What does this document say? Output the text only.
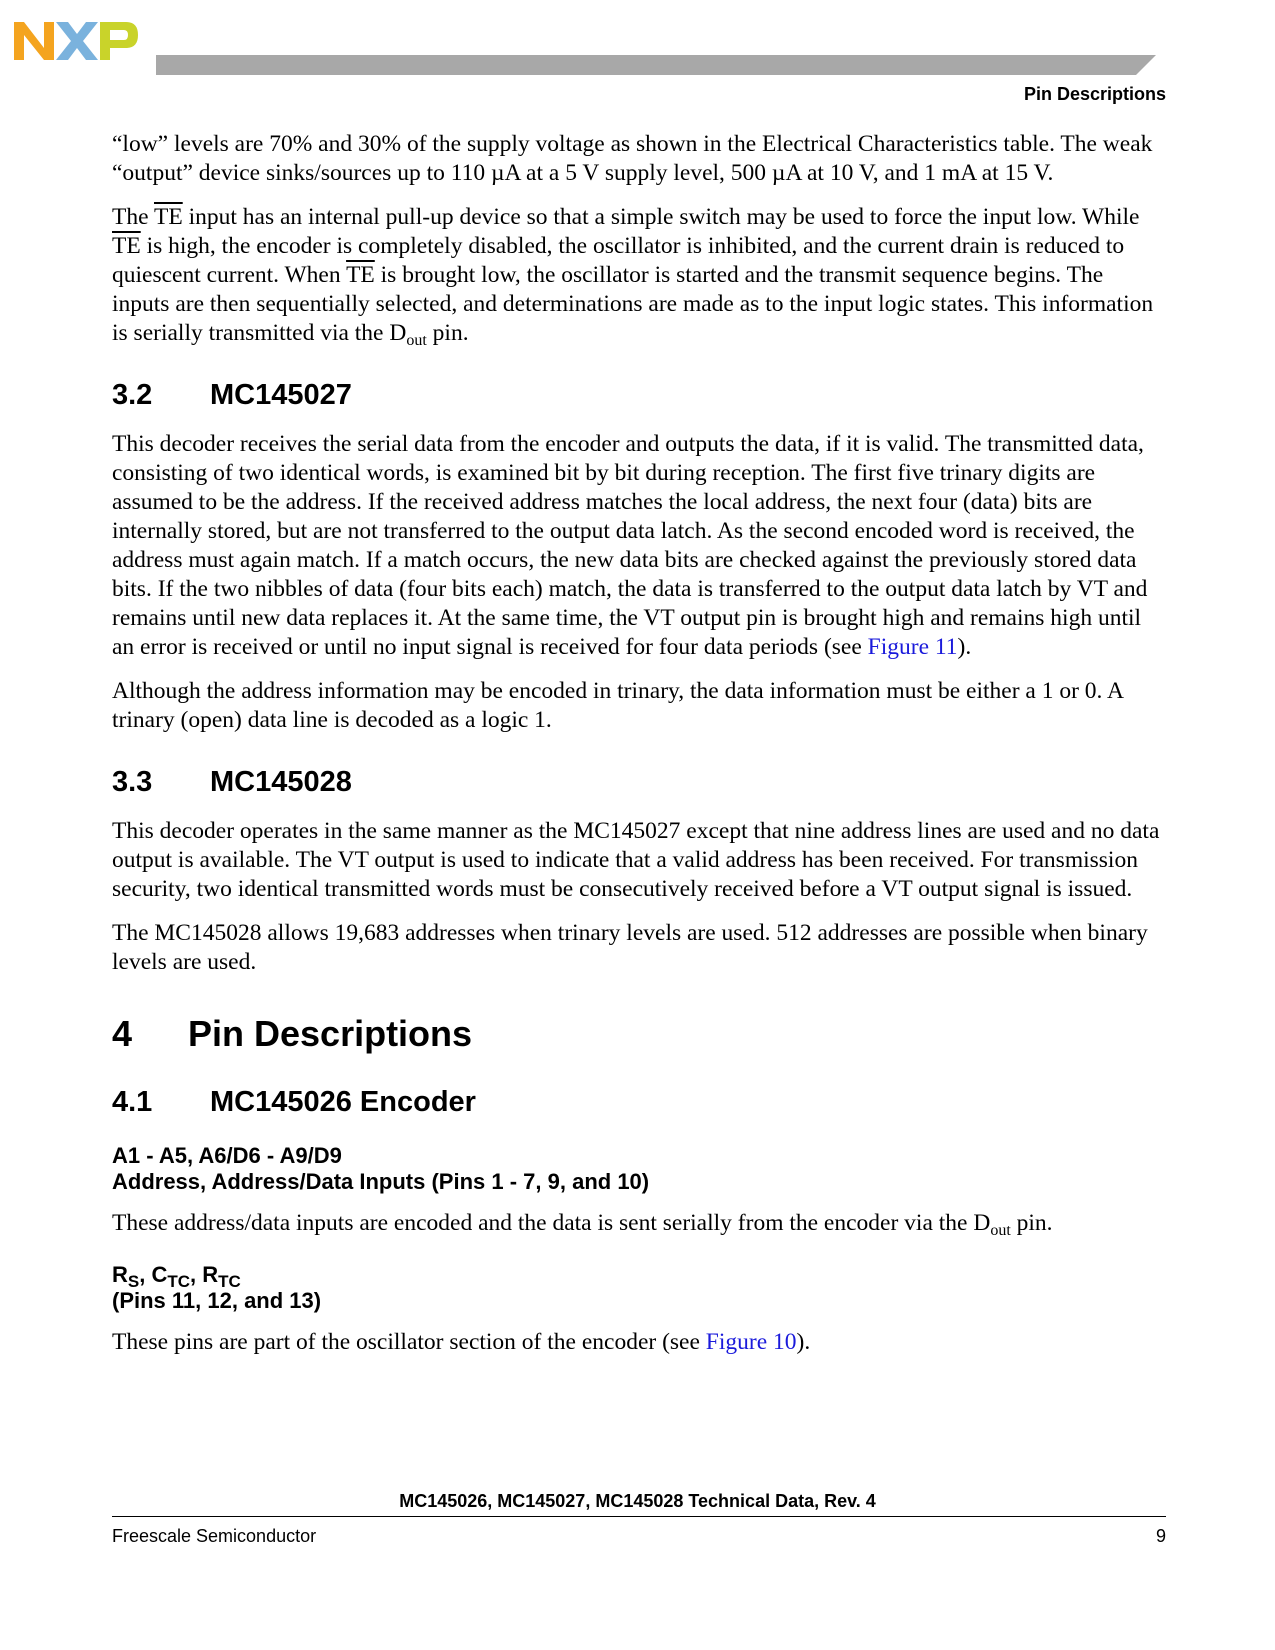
Pin Descriptions

“low” levels are 70% and 30% of the supply voltage as shown in the Electrical Characteristics table. The weak “output” device sinks/sources up to 110 µA at a 5 V supply level, 500 µA at 10 V, and 1 mA at 15 V.

The $\overline{TE}$ input has an internal pull-up device so that a simple switch may be used to force the input low. While $\overline{TE}$ is high, the encoder is completely disabled, the oscillator is inhibited, and the current drain is reduced to quiescent current. When $\overline{TE}$ is brought low, the oscillator is started and the transmit sequence begins. The inputs are then sequentially selected, and determinations are made as to the input logic states. This information is serially transmitted via the $D_{out}$ pin.

3.2 MC145027

This decoder receives the serial data from the encoder and outputs the data, if it is valid. The transmitted data, consisting of two identical words, is examined bit by bit during reception. The first five trinary digits are assumed to be the address. If the received address matches the local address, the next four (data) bits are internally stored, but are not transferred to the output data latch. As the second encoded word is received, the address must again match. If a match occurs, the new data bits are checked against the previously stored data bits. If the two nibbles of data (four bits each) match, the data is transferred to the output data latch by VT and remains until new data replaces it. At the same time, the VT output pin is brought high and remains high until an error is received or until no input signal is received for four data periods (see Figure 11).

Although the address information may be encoded in trinary, the data information must be either a 1 or 0. A trinary (open) data line is decoded as a logic 1.

3.3 MC145028

This decoder operates in the same manner as the MC145027 except that nine address lines are used and no data output is available. The VT output is used to indicate that a valid address has been received. For transmission security, two identical transmitted words must be consecutively received before a VT output signal is issued.

The MC145028 allows 19,683 addresses when trinary levels are used. 512 addresses are possible when binary levels are used.

4 Pin Descriptions
4.1 MC145026 Encoder
A1 - A5, A6/D6 - A9/D9
Address, Address/Data Inputs (Pins 1 - 7, 9, and 10)

These address/data inputs are encoded and the data is sent serially from the encoder via the $D_{out}$ pin.

$R_S$, $C_{TC}$, $R_{TC}$
(Pins 11, 12, and 13)

These pins are part of the oscillator section of the encoder (see Figure 10).

MC145026, MC145027, MC145028 Technical Data, Rev. 4
Freescale Semiconductor	9
